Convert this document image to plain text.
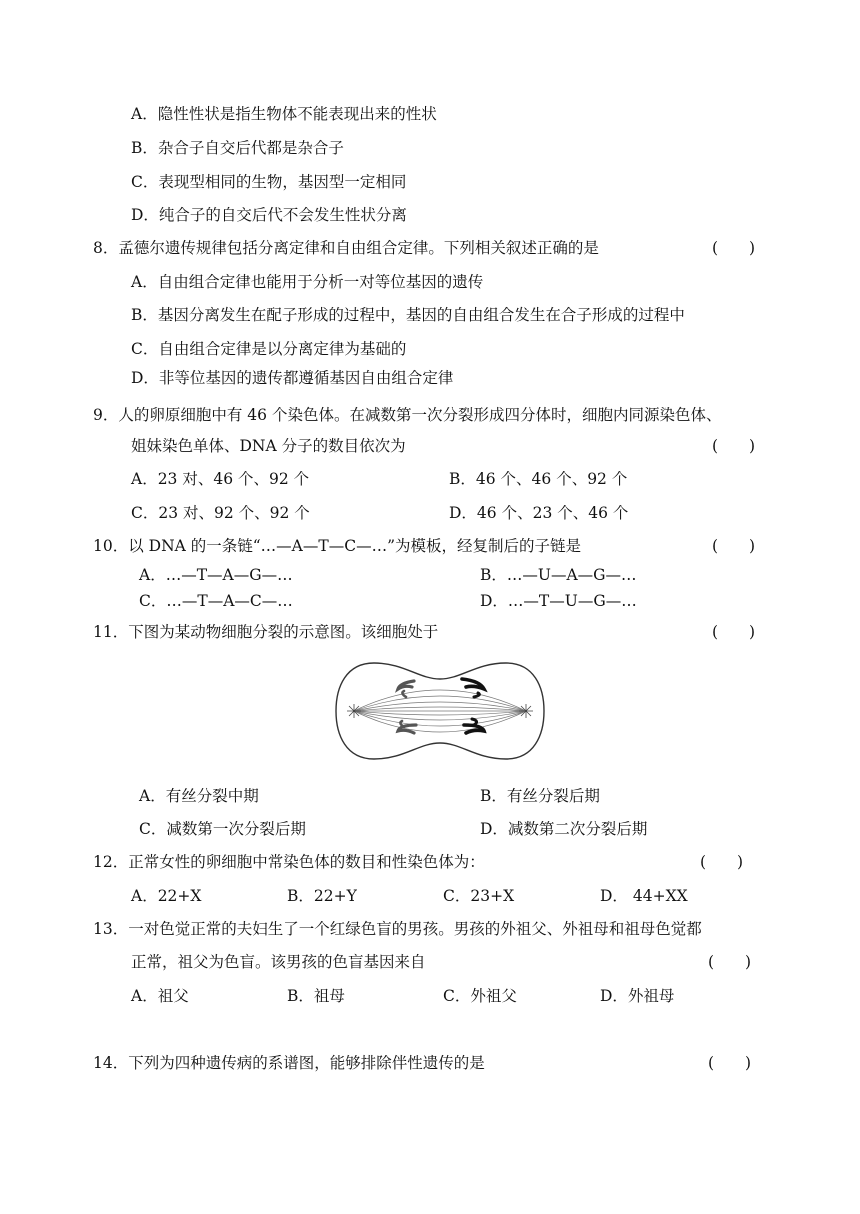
A．隐性性状是指生物体不能表现出来的性状
B．杂合子自交后代都是杂合子
C．表现型相同的生物，基因型一定相同
D．纯合子的自交后代不会发生性状分离
8．孟德尔遗传规律包括分离定律和自由组合定律。下列相关叙述正确的是	(　　)
A．自由组合定律也能用于分析一对等位基因的遗传
B．基因分离发生在配子形成的过程中，基因的自由组合发生在合子形成的过程中
C．自由组合定律是以分离定律为基础的
D．非等位基因的遗传都遵循基因自由组合定律
9．人的卵原细胞中有 46 个染色体。在减数第一次分裂形成四分体时，细胞内同源染色体、
姐妹染色单体、DNA 分子的数目依次为	(　　)
A．23 对、46 个、92 个	B．46 个、46 个、92 个
C．23 对、92 个、92 个	D．46 个、23 个、46 个
10．以 DNA 的一条链“…—A—T—C—…”为模板，经复制后的子链是	(　　)
A．…—T—A—G—…	B．…—U—A—G—…
C．…—T—A—C—…	D．…—T—U—G—…
11．下图为某动物细胞分裂的示意图。该细胞处于	(　　)
A．有丝分裂中期	B．有丝分裂后期
C．减数第一次分裂后期	D．减数第二次分裂后期
12．正常女性的卵细胞中常染色体的数目和性染色体为：	(　　)
A．22+X	B．22+Y	C．23+X	D． 44+XX
13．一对色觉正常的夫妇生了一个红绿色盲的男孩。男孩的外祖父、外祖母和祖母色觉都
正常，祖父为色盲。该男孩的色盲基因来自	(　　)
A．祖父	B．祖母	C．外祖父	D．外祖母
14．下列为四种遗传病的系谱图，能够排除伴性遗传的是	(　　)
